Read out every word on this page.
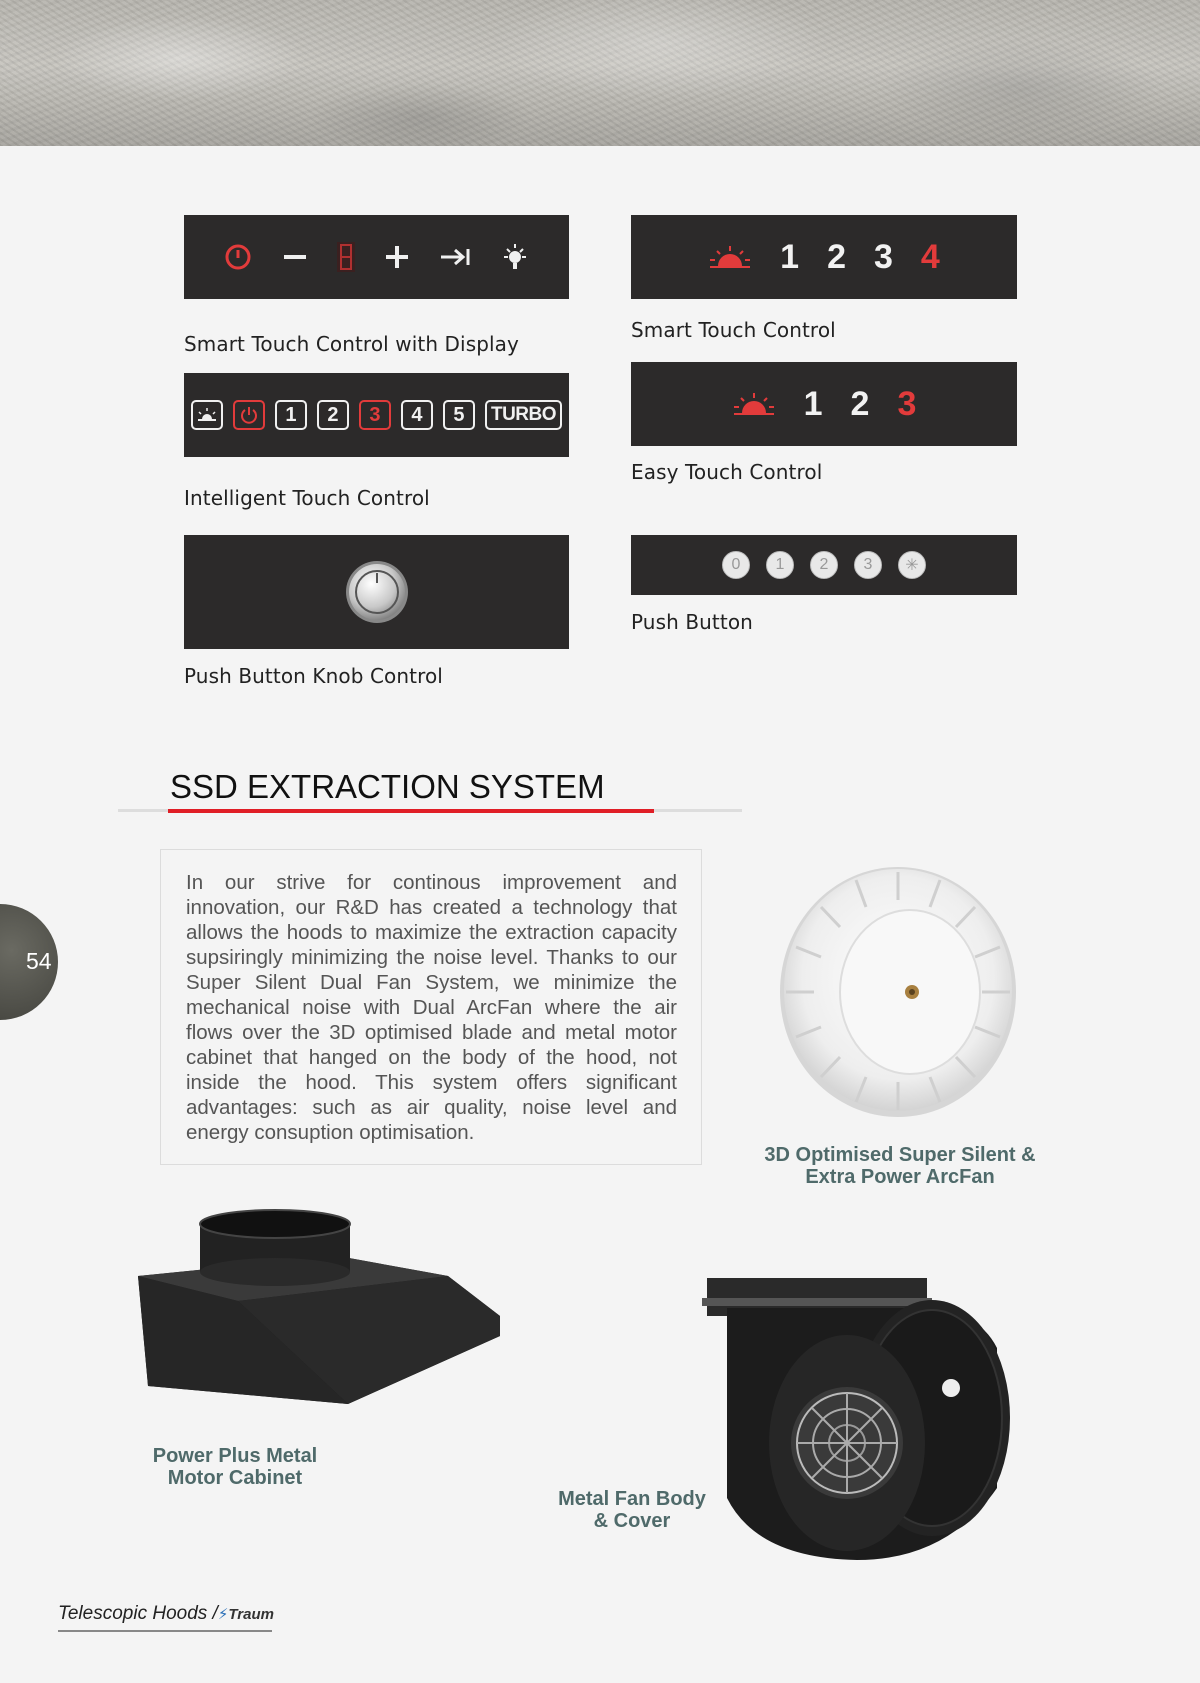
Smart Touch Control with Display
1 2 3 4
Smart Touch Control
1	2	3	4	5	TURBO
Intelligent Touch Control
1 2 3
Easy Touch Control
Push Button Knob Control
0	1	2	3	✳
Push Button
SSD EXTRACTION SYSTEM

In our strive for continous improvement and innovation, our R&D has created a technology that allows the hoods to maximize the extraction capacity supsiringly minimizing the noise level. Thanks to our Super Silent Dual Fan System, we minimize the mechanical noise with Dual ArcFan where the air flows over the 3D optimised blade and metal motor cabinet that hanged on the body of the hood, not inside the hood. This system offers significant advantages: such as air quality, noise level and energy consuption optimisation.

3D Optimised Super Silent &
Extra Power ArcFan
Power Plus Metal
Motor Cabinet
Metal Fan Body
& Cover
54
Telescopic Hoods /⚡Traum
